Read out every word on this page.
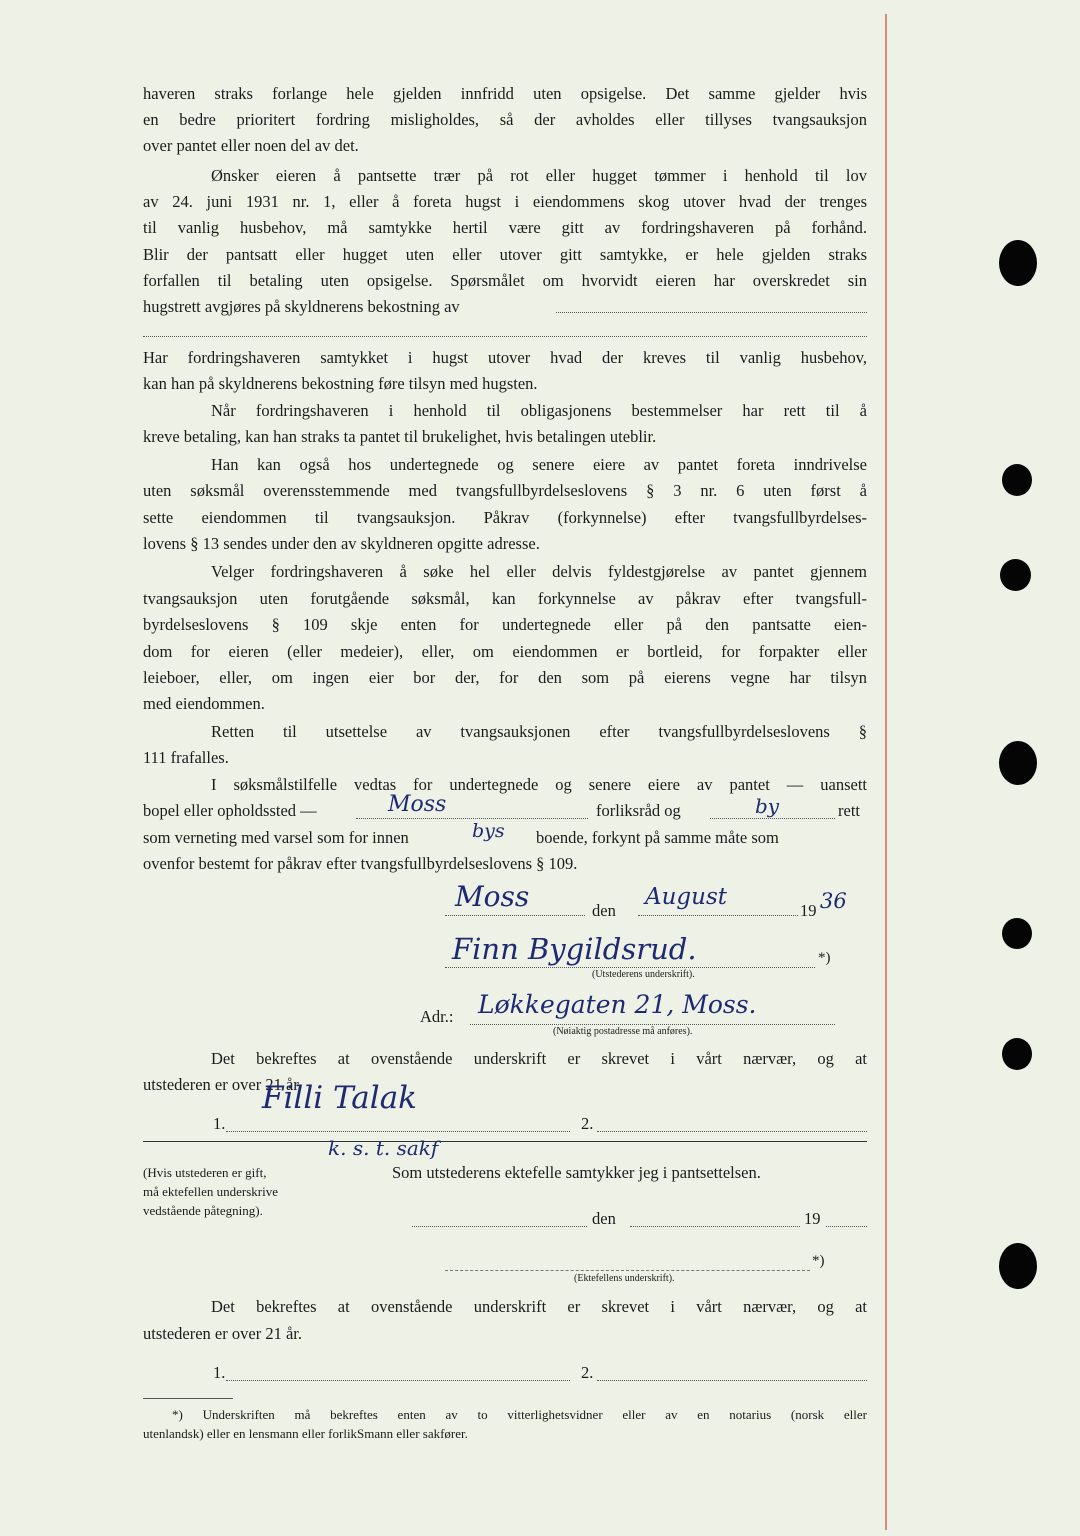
haveren straks forlange hele gjelden innfridd uten opsigelse. Det samme gjelder hvis
en bedre prioritert fordring misligholdes, så der avholdes eller tillyses tvangsauksjon
over pantet eller noen del av det.
Ønsker eieren å pantsette trær på rot eller hugget tømmer i henhold til lov
av 24. juni 1931 nr. 1, eller å foreta hugst i eiendommens skog utover hvad der trenges
til vanlig husbehov, må samtykke hertil være gitt av fordringshaveren på forhånd.
Blir der pantsatt eller hugget uten eller utover gitt samtykke, er hele gjelden straks
forfallen til betaling uten opsigelse. Spørsmålet om hvorvidt eieren har overskredet sin
hugstrett avgjøres på skyldnerens bekostning av
Har fordringshaveren samtykket i hugst utover hvad der kreves til vanlig husbehov,
kan han på skyldnerens bekostning føre tilsyn med hugsten.
Når fordringshaveren i henhold til obligasjonens bestemmelser har rett til å
kreve betaling, kan han straks ta pantet til brukelighet, hvis betalingen uteblir.
Han kan også hos undertegnede og senere eiere av pantet foreta inndrivelse
uten søksmål overensstemmende med tvangsfullbyrdelseslovens § 3 nr. 6 uten først å
sette eiendommen til tvangsauksjon. Påkrav (forkynnelse) efter tvangsfullbyrdelses-
lovens § 13 sendes under den av skyldneren opgitte adresse.
Velger fordringshaveren å søke hel eller delvis fyldestgjørelse av pantet gjennem
tvangsauksjon uten forutgående søksmål, kan forkynnelse av påkrav efter tvangsfull-
byrdelseslovens § 109 skje enten for undertegnede eller på den pantsatte eien-
dom for eieren (eller medeier), eller, om eiendommen er bortleid, for forpakter eller
leieboer, eller, om ingen eier bor der, for den som på eierens vegne har tilsyn
med eiendommen.
Retten til utsettelse av tvangsauksjonen efter tvangsfullbyrdelseslovens §
111 frafalles.
I søksmålstilfelle vedtas for undertegnede og senere eiere av pantet — uansett
bopel eller opholdssted —	Moss	forliksråd og	by	rett
som verneting med varsel som for innen	bys boende, forkynt på samme måte som
ovenfor bestemt for påkrav efter tvangsfullbyrdelseslovens § 109.
Moss	den
August
19 36
Finn Bygildsrud.	*)
(Utstederens underskrift).
Adr.: Løkkegaten 21, Moss.
(Nøiaktig postadresse må anføres).
Det bekreftes at ovenstående underskrift er skrevet i vårt nærvær, og at
utstederen er over 21 år.
1.
Filli Talak
2.
k. s. t. sakf
(Hvis utstederen er gift,
må ektefellen underskrive
vedstående påtegning).
Som utstederens ektefelle samtykker jeg i pantsettelsen.
den	19
*)
(Ektefellens underskrift).
Det bekreftes at ovenstående underskrift er skrevet i vårt nærvær, og at
utstederen er over 21 år.
1.	2.
*) Underskriften må bekreftes enten av to vitterlighetsvidner eller av en notarius (norsk eller
utenlandsk) eller en lensmann eller forlikSmann eller sakfører.
